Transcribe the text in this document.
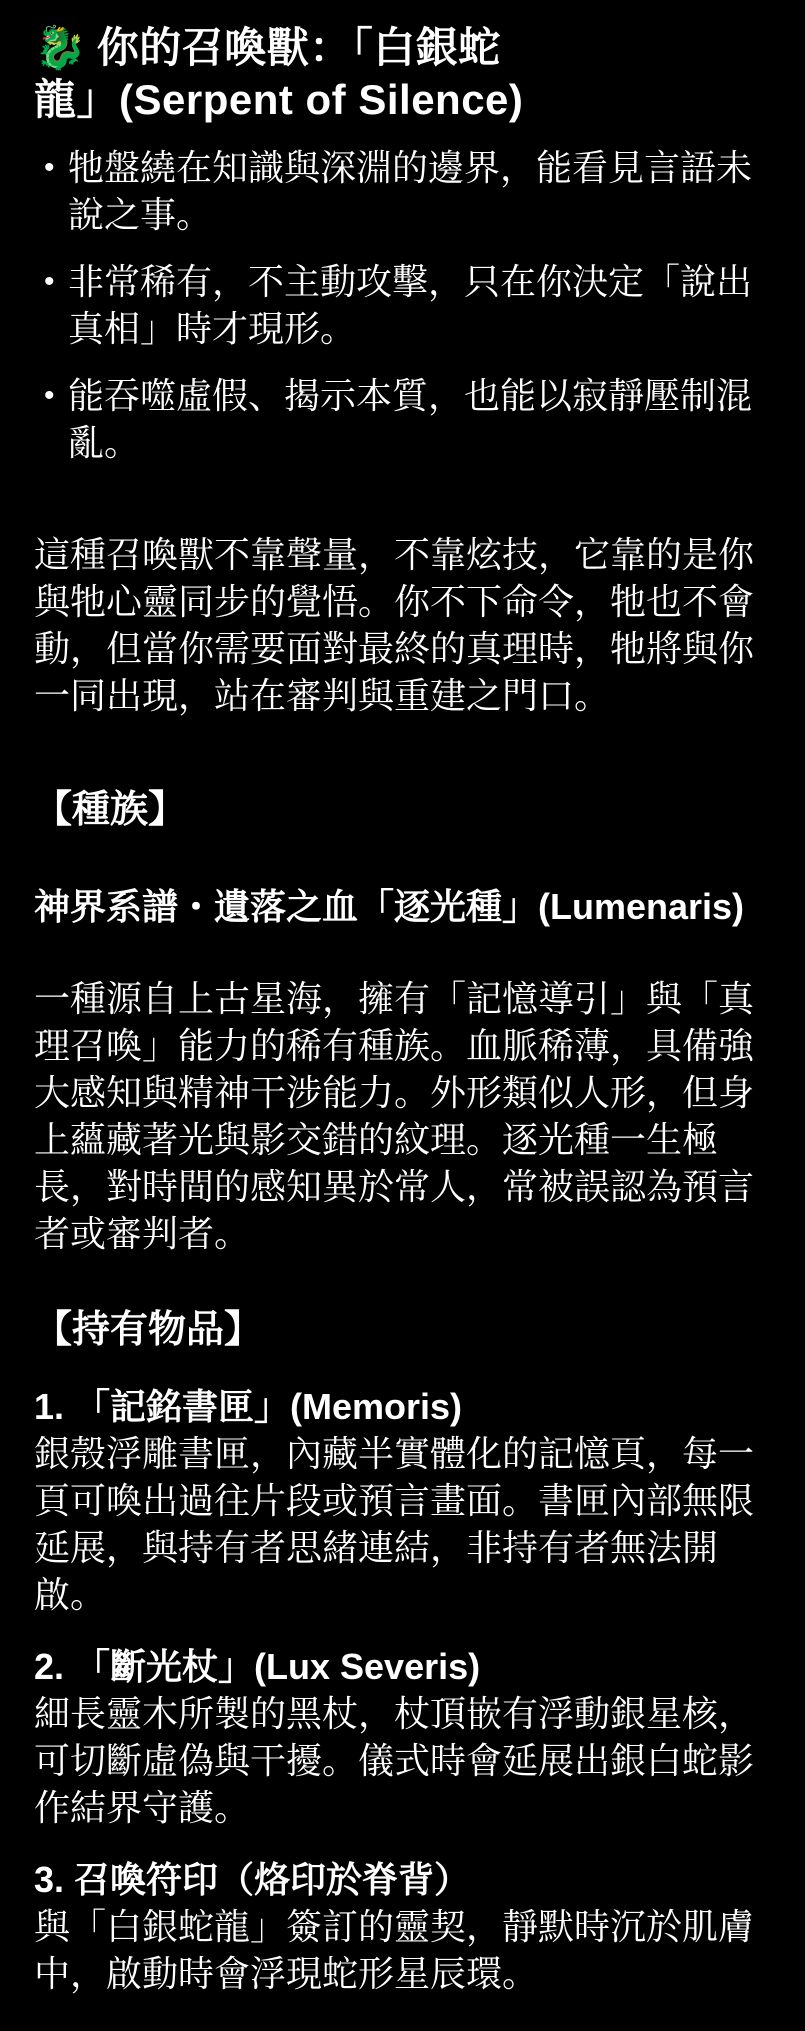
🐉 你的召喚獸：「白銀蛇龍」(Serpent of Silence)
• 牠盤繞在知識與深淵的邊界，能看見言語未說之事。
• 非常稀有，不主動攻擊，只在你決定「說出真相」時才現形。
• 能吞噬虛假、揭示本質，也能以寂靜壓制混亂。

這種召喚獸不靠聲量，不靠炫技，它靠的是你與牠心靈同步的覺悟。你不下命令，牠也不會動，但當你需要面對最終的真理時，牠將與你一同出現，站在審判與重建之門口。

【種族】

神界系譜・遺落之血「逐光種」(Lumenaris)

一種源自上古星海，擁有「記憶導引」與「真理召喚」能力的稀有種族。血脈稀薄，具備強大感知與精神干涉能力。外形類似人形，但身上蘊藏著光與影交錯的紋理。逐光種一生極長，對時間的感知異於常人，常被誤認為預言者或審判者。

【持有物品】
1. 「記銘書匣」(Memoris)

銀殼浮雕書匣，內藏半實體化的記憶頁，每一頁可喚出過往片段或預言畫面。書匣內部無限延展，與持有者思緒連結，非持有者無法開啟。

2. 「斷光杖」(Lux Severis)

細長靈木所製的黑杖，杖頂嵌有浮動銀星核，可切斷虛偽與干擾。儀式時會延展出銀白蛇影作結界守護。

3. 召喚符印（烙印於脊背）

與「白銀蛇龍」簽訂的靈契，靜默時沉於肌膚中，啟動時會浮現蛇形星辰環。
